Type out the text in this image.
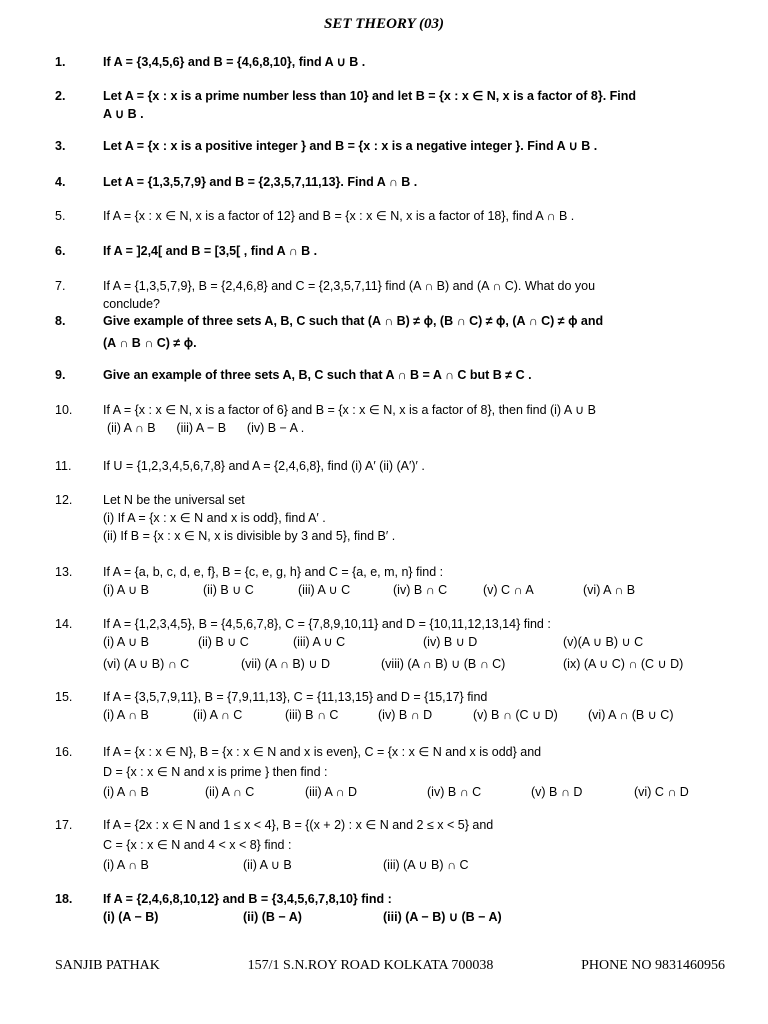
SET THEORY (03)
1.	If A = {3,4,5,6} and B = {4,6,8,10}, find A ∪ B .
2.	Let A = {x : x is a prime number less than 10} and let B = {x : x ∈ N, x is a factor of 8}. Find
A ∪ B .
3.	Let A = {x : x is a positive integer } and B = {x : x is a negative integer }. Find A ∪ B .
4.	Let A = {1,3,5,7,9} and B = {2,3,5,7,11,13}. Find A ∩ B .
5.	If A = {x : x ∈ N, x is a factor of 12} and B = {x : x ∈ N, x is a factor of 18}, find A ∩ B .
6.	If A = ]2,4[ and B = [3,5[ , find A ∩ B .
7.	If A = {1,3,5,7,9}, B = {2,4,6,8} and C = {2,3,5,7,11} find (A ∩ B) and (A ∩ C). What do you
conclude?
8.	Give example of three sets A, B, C such that (A ∩ B) ≠ ϕ, (B ∩ C) ≠ ϕ, (A ∩ C) ≠ ϕ and
(A ∩ B ∩ C) ≠ ϕ.
9.	Give an example of three sets A, B, C such that A ∩ B = A ∩ C but B ≠ C .
10.	If A = {x : x ∈ N, x is a factor of 6} and B = {x : x ∈ N, x is a factor of 8}, then find (i) A ∪ B
(ii) A ∩ B      (iii) A − B      (iv) B − A .
11.	If U = {1,2,3,4,5,6,7,8} and A = {2,4,6,8}, find (i) A′ (ii) (A′)′ .
12.	Let N be the universal set
(i) If A = {x : x ∈ N and x is odd}, find A′ .
(ii) If B = {x : x ∈ N, x is divisible by 3 and 5}, find B′ .
13.	If A = {a, b, c, d, e, f}, B = {c, e, g, h} and C = {a, e, m, n} find :
(i) A ∪ B	(ii) B ∪ C	(iii) A ∪ C	(iv) B ∩ C	(v) C ∩ A	(vi) A ∩ B
14.	If A = {1,2,3,4,5}, B = {4,5,6,7,8}, C = {7,8,9,10,11} and D = {10,11,12,13,14} find :
(i) A ∪ B	(ii) B ∪ C	(iii) A ∪ C	(iv) B ∪ D	(v)(A ∪ B) ∪ C
(vi) (A ∪ B) ∩ C	(vii) (A ∩ B) ∪ D	(viii) (A ∩ B) ∪ (B ∩ C)	(ix) (A ∪ C) ∩ (C ∪ D)
15.	If A = {3,5,7,9,11}, B = {7,9,11,13}, C = {11,13,15} and D = {15,17} find
(i) A ∩ B	(ii) A ∩ C	(iii) B ∩ C	(iv) B ∩ D	(v) B ∩ (C ∪ D)	(vi) A ∩ (B ∪ C)
16.	If A = {x : x ∈ N}, B = {x : x ∈ N and x is even}, C = {x : x ∈ N and x is odd} and
D = {x : x ∈ N and x is prime } then find :
(i) A ∩ B	(ii) A ∩ C	(iii) A ∩ D	(iv) B ∩ C	(v) B ∩ D	(vi) C ∩ D
17.	If A = {2x : x ∈ N and 1 ≤ x < 4}, B = {(x + 2) : x ∈ N and 2 ≤ x < 5} and
C = {x : x ∈ N and 4 < x < 8} find :
(i) A ∩ B	(ii) A ∪ B	(iii) (A ∪ B) ∩ C
18.	If A = {2,4,6,8,10,12} and B = {3,4,5,6,7,8,10} find :
(i) (A − B)	(ii) (B − A)	(iii) (A − B) ∪ (B − A)
SANJIB PATHAK	157/1 S.N.ROY ROAD KOLKATA 700038	PHONE NO 9831460956
